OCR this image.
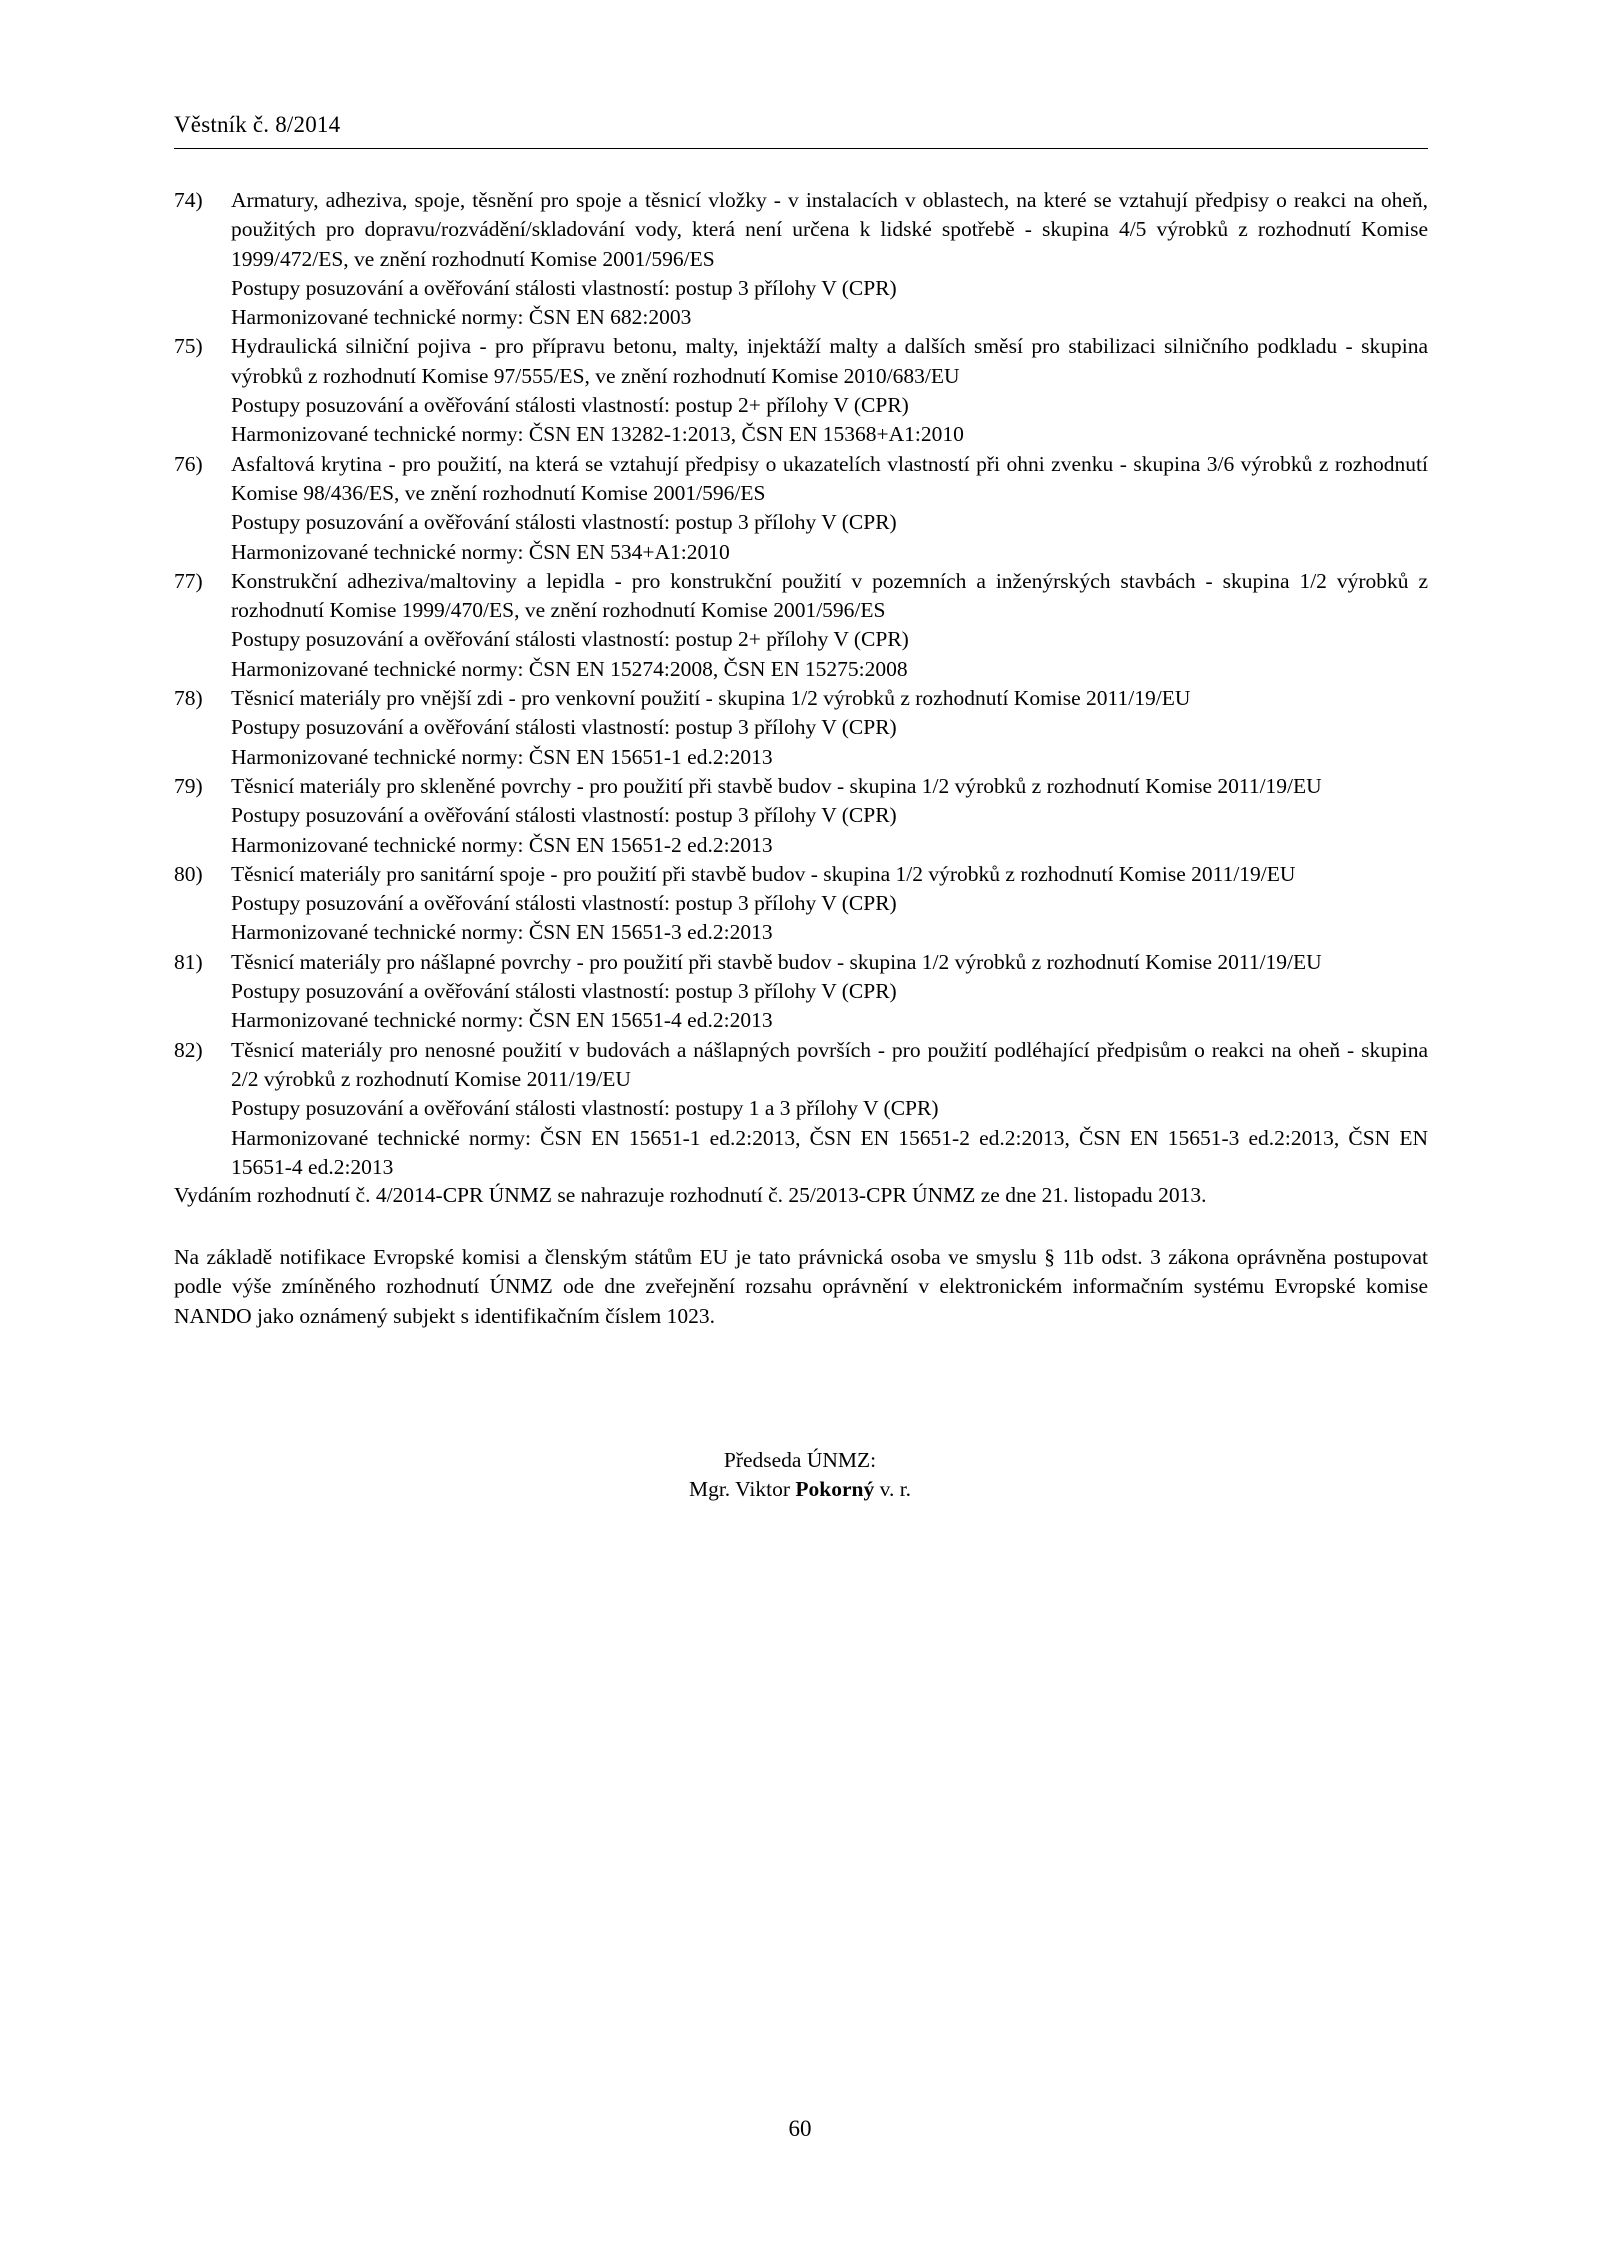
Věstník č. 8/2014
74)	Armatury, adheziva, spoje, těsnění pro spoje a těsnicí vložky - v instalacích v oblastech, na které se vztahují předpisy o reakci na oheň, použitých pro dopravu/rozvádění/skladování vody, která není určena k lidské spotřebě - skupina 4/5 výrobků z rozhodnutí Komise 1999/472/ES, ve znění rozhodnutí Komise 2001/596/ES
Postupy posuzování a ověřování stálosti vlastností: postup 3 přílohy V (CPR)
Harmonizované technické normy: ČSN EN 682:2003
75)	Hydraulická silniční pojiva - pro přípravu betonu, malty, injektáží malty a dalších směsí pro stabilizaci silničního podkladu - skupina výrobků z rozhodnutí Komise 97/555/ES, ve znění rozhodnutí Komise 2010/683/EU
Postupy posuzování a ověřování stálosti vlastností: postup 2+ přílohy V (CPR)
Harmonizované technické normy: ČSN EN 13282-1:2013, ČSN EN 15368+A1:2010
76)	Asfaltová krytina - pro použití, na která se vztahují předpisy o ukazatelích vlastností při ohni zvenku - skupina 3/6 výrobků z rozhodnutí Komise 98/436/ES, ve znění rozhodnutí Komise 2001/596/ES
Postupy posuzování a ověřování stálosti vlastností: postup 3 přílohy V (CPR)
Harmonizované technické normy: ČSN EN 534+A1:2010
77)	Konstrukční adheziva/maltoviny a lepidla - pro konstrukční použití v pozemních a inženýrských stavbách - skupina 1/2 výrobků z rozhodnutí Komise 1999/470/ES, ve znění rozhodnutí Komise 2001/596/ES
Postupy posuzování a ověřování stálosti vlastností: postup 2+ přílohy V (CPR)
Harmonizované technické normy: ČSN EN 15274:2008, ČSN EN 15275:2008
78)	Těsnicí materiály pro vnější zdi - pro venkovní použití - skupina 1/2 výrobků z rozhodnutí Komise 2011/19/EU
Postupy posuzování a ověřování stálosti vlastností: postup 3 přílohy V (CPR)
Harmonizované technické normy: ČSN EN 15651-1 ed.2:2013
79)	Těsnicí materiály pro skleněné povrchy - pro použití při stavbě budov - skupina 1/2 výrobků z rozhodnutí Komise 2011/19/EU
Postupy posuzování a ověřování stálosti vlastností: postup 3 přílohy V (CPR)
Harmonizované technické normy: ČSN EN 15651-2 ed.2:2013
80)	Těsnicí materiály pro sanitární spoje - pro použití při stavbě budov - skupina 1/2 výrobků z rozhodnutí Komise 2011/19/EU
Postupy posuzování a ověřování stálosti vlastností: postup 3 přílohy V (CPR)
Harmonizované technické normy: ČSN EN 15651-3 ed.2:2013
81)	Těsnicí materiály pro nášlapné povrchy - pro použití při stavbě budov - skupina 1/2 výrobků z rozhodnutí Komise 2011/19/EU
Postupy posuzování a ověřování stálosti vlastností: postup 3 přílohy V (CPR)
Harmonizované technické normy: ČSN EN 15651-4 ed.2:2013
82)	Těsnicí materiály pro nenosné použití v budovách a nášlapných površích - pro použití podléhající předpisům o reakci na oheň - skupina 2/2 výrobků z rozhodnutí Komise 2011/19/EU
Postupy posuzování a ověřování stálosti vlastností: postupy 1 a 3 přílohy V (CPR)
Harmonizované technické normy: ČSN EN 15651-1 ed.2:2013, ČSN EN 15651-2 ed.2:2013, ČSN EN 15651-3 ed.2:2013, ČSN EN 15651-4 ed.2:2013
Vydáním rozhodnutí č. 4/2014-CPR ÚNMZ se nahrazuje rozhodnutí č. 25/2013-CPR ÚNMZ ze dne 21. listopadu 2013.
Na základě notifikace Evropské komisi a členským státům EU je tato právnická osoba ve smyslu § 11b odst. 3 zákona oprávněna postupovat podle výše zmíněného rozhodnutí ÚNMZ ode dne zveřejnění rozsahu oprávnění v elektronickém informačním systému Evropské komise NANDO jako oznámený subjekt s identifikačním číslem 1023.
Předseda ÚNMZ:
Mgr. Viktor Pokorný v. r.
60
